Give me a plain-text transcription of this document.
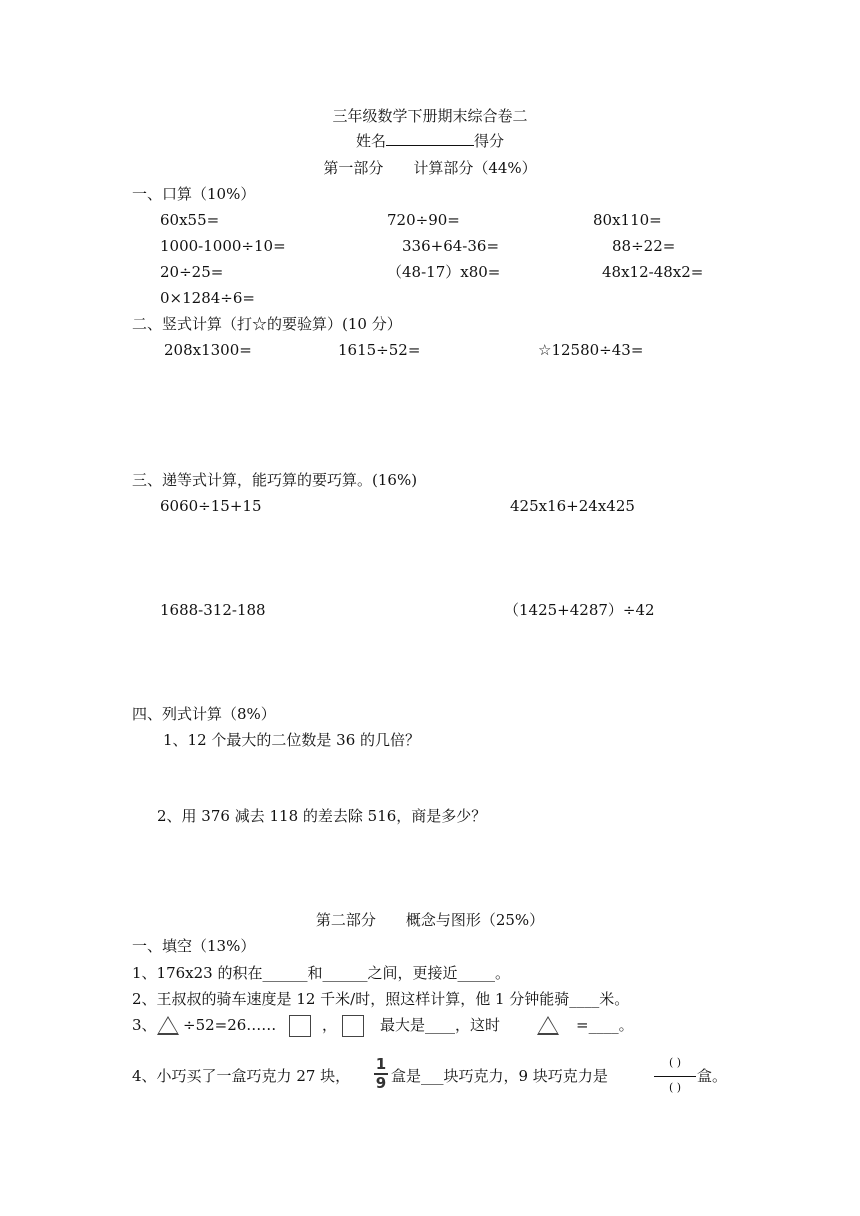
三年级数学下册期末综合卷二
姓名	得分
第一部分　　计算部分（44%）
一、口算（10%）
60x55=	720÷90=	80x110=
1000-1000÷10=	336+64-36=	88÷22=
20÷25=	（48-17）x80=	48x12-48x2=
0×1284÷6=
二、竖式计算（打☆的要验算）(10 分）
208x1300=	1615÷52=	☆12580÷43=
三、递等式计算，能巧算的要巧算。(16%)
6060÷15+15	425x16+24x425
1688-312-188	（1425+4287）÷42
四、列式计算（8%）
1、12 个最大的二位数是 36 的几倍？
2、用 376 减去 118 的差去除 516，商是多少？
第二部分　　概念与图形（25%）
一、填空（13%）
1、176x23 的积在______和______之间，更接近_____。
2、王叔叔的骑车速度是 12 千米/时，照这样计算，他 1 分钟能骑____米。
3、 ÷52=26……	，	最大是____，这时	=____。
4、小巧买了一盒巧克力 27 块，
1
9 盒是___块巧克力，9 块巧克力是
( )
( )
盒。
